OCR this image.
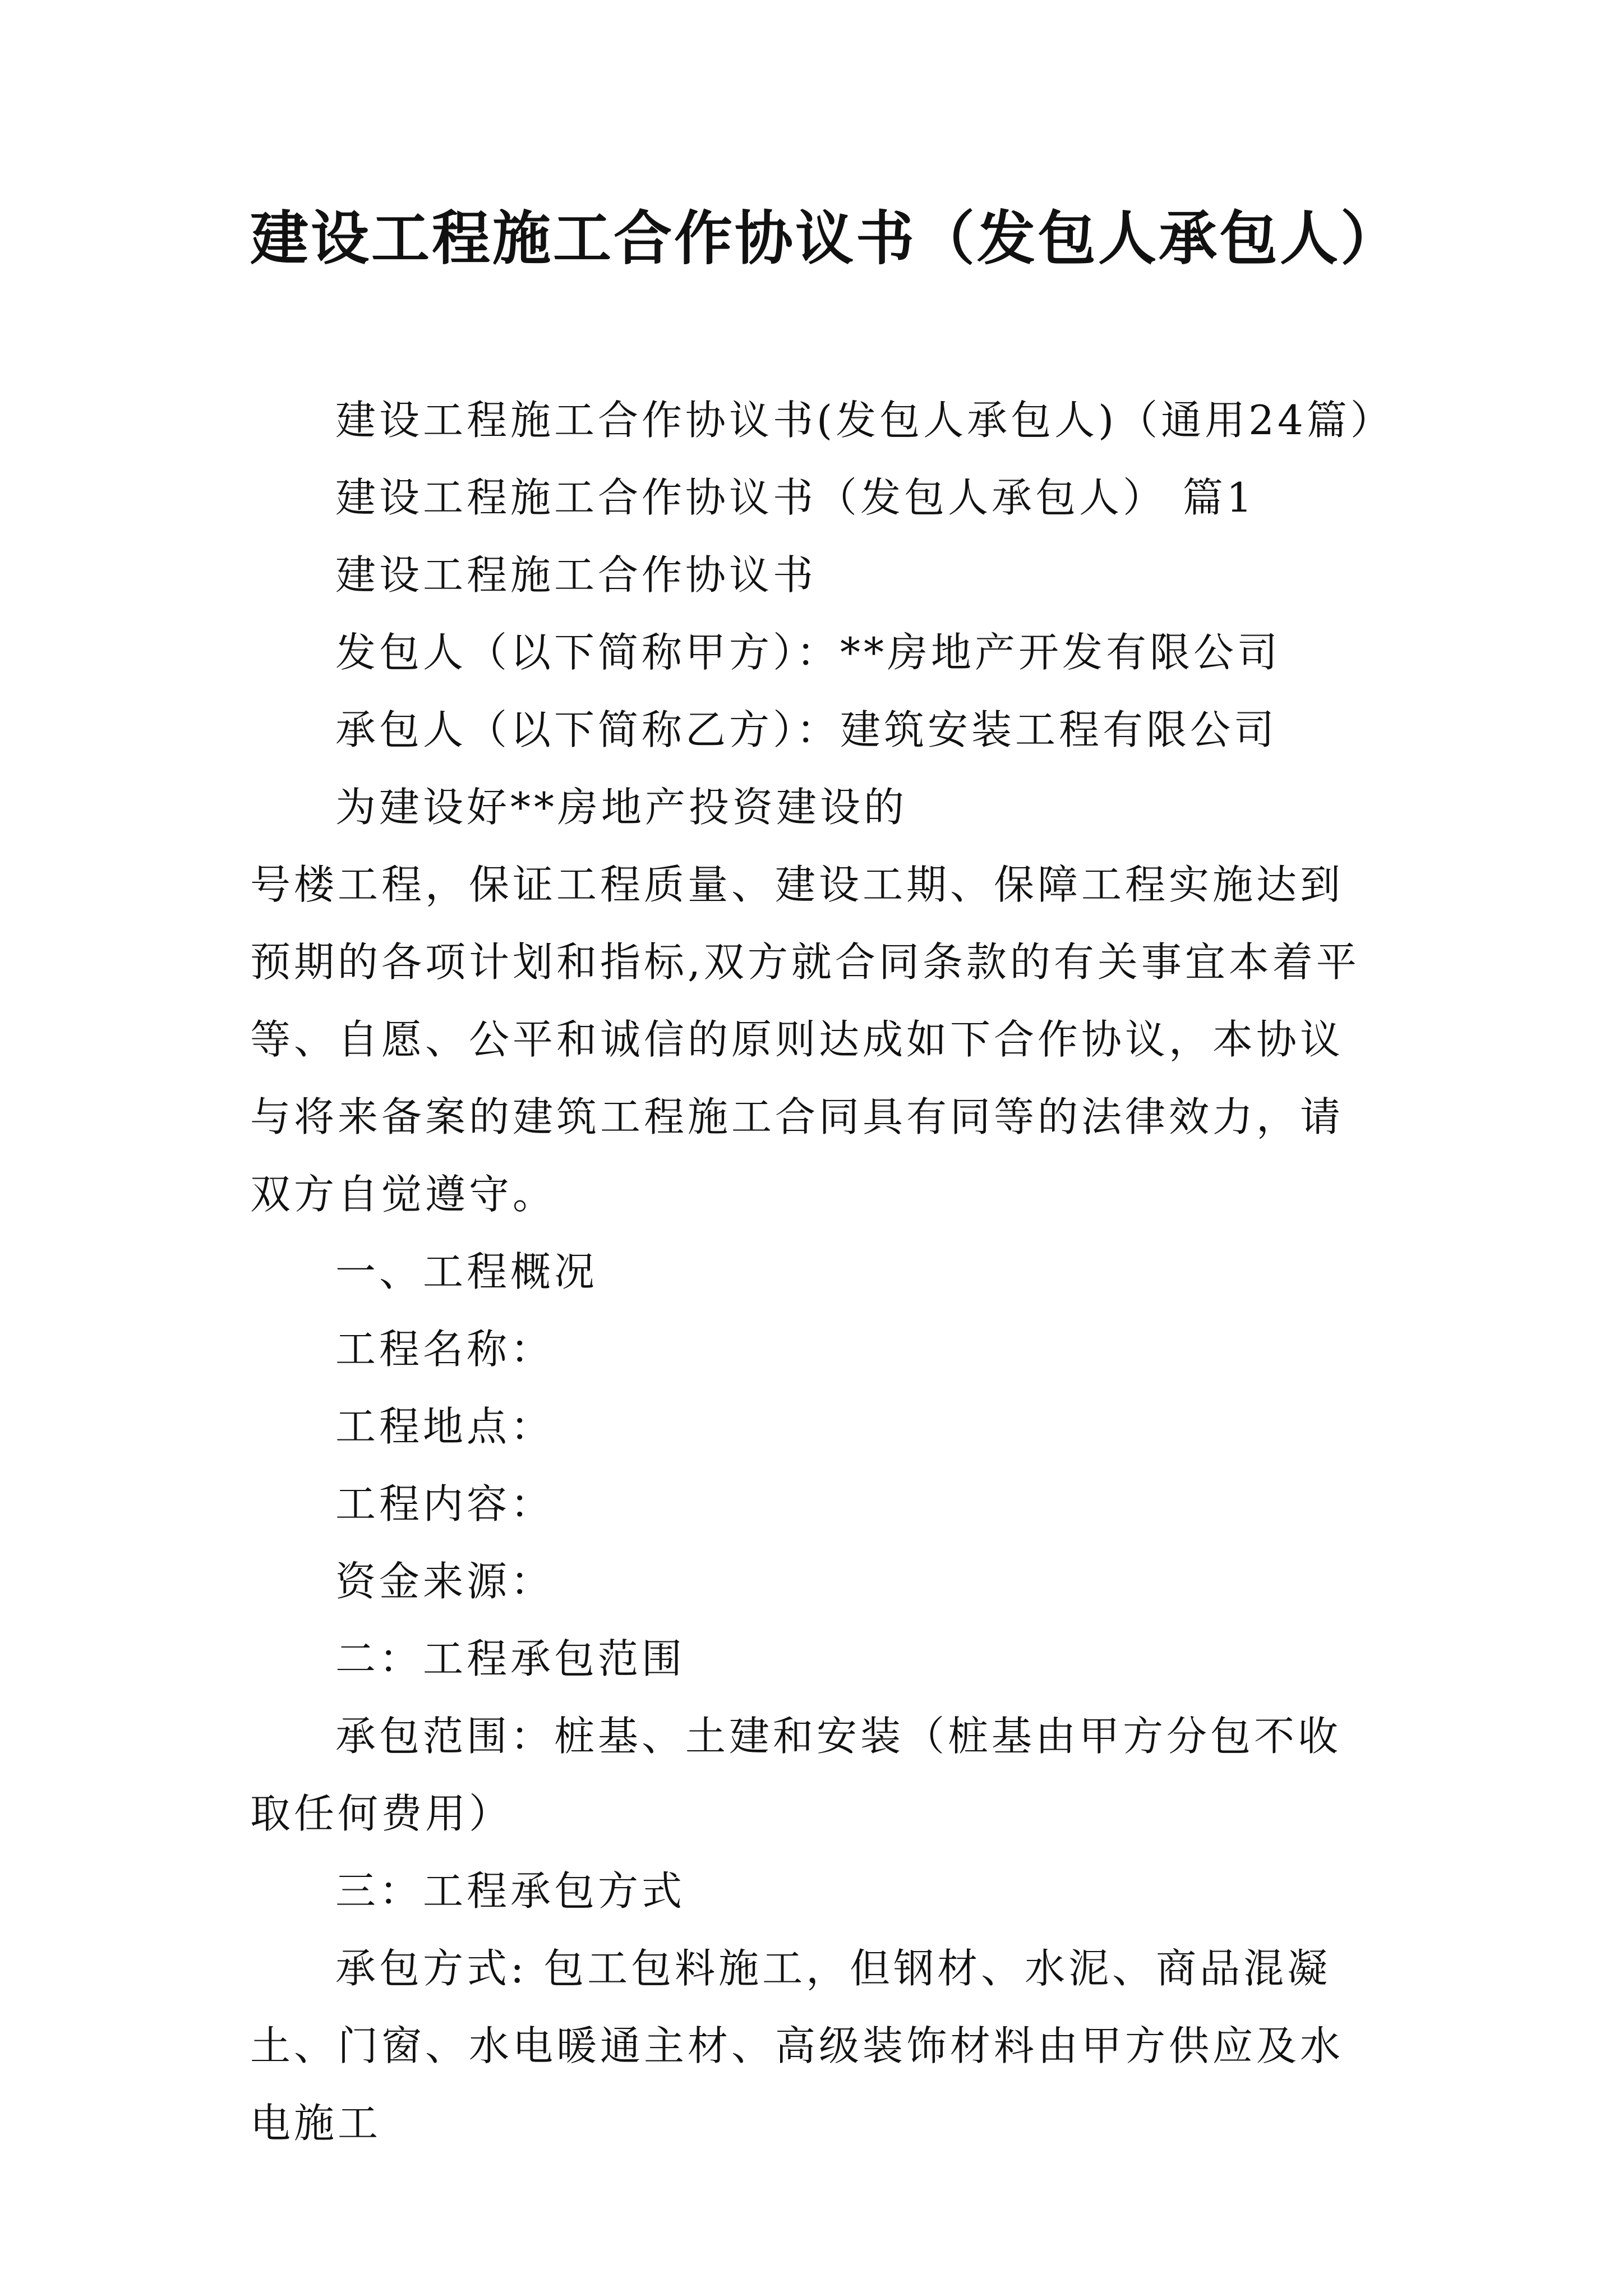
建设工程施工合作协议书（发包人承包人）

建设工程施工合作协议书(发包人承包人)（通用24篇）

建设工程施工合作协议书（发包人承包人） 篇1

建设工程施工合作协议书

发包人（以下简称甲方）：**房地产开发有限公司

承包人（以下简称乙方）：建筑安装工程有限公司

为建设好**房地产投资建设的

号楼工程，保证工程质量、建设工期、保障工程实施达到预期的各项计划和指标,双方就合同条款的有关事宜本着平等、自愿、公平和诚信的原则达成如下合作协议，本协议与将来备案的建筑工程施工合同具有同等的法律效力，请双方自觉遵守。

一、工程概况

工程名称：

工程地点：

工程内容：

资金来源：

二：工程承包范围

承包范围：桩基、土建和安装（桩基由甲方分包不收取任何费用）

三：工程承包方式

承包方式: 包工包料施工，但钢材、水泥、商品混凝土、门窗、水电暖通主材、高级装饰材料由甲方供应及水电施工
